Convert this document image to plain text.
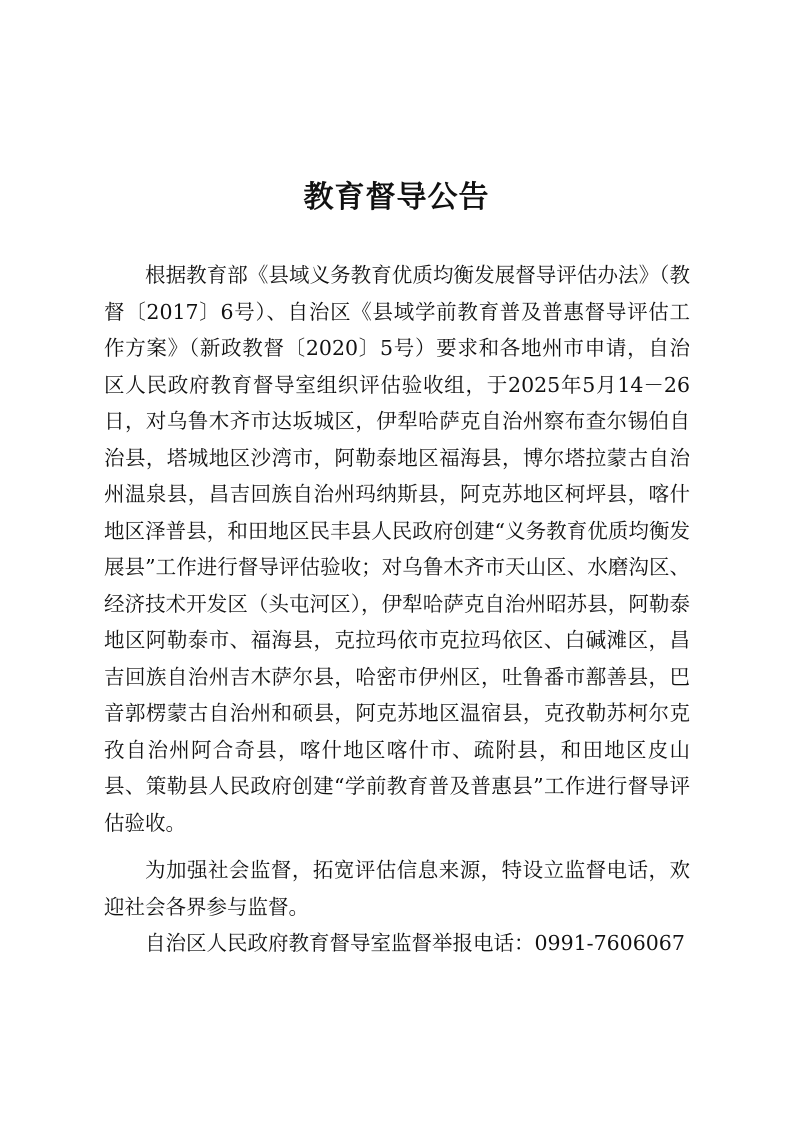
教育督导公告

根据教育部《县域义务教育优质均衡发展督导评估办法》（教督〔2017〕6号）、自治区《县域学前教育普及普惠督导评估工作方案》（新政教督〔2020〕5号）要求和各地州市申请，自治区人民政府教育督导室组织评估验收组，于2025年5月14－26日，对乌鲁木齐市达坂城区，伊犁哈萨克自治州察布查尔锡伯自治县，塔城地区沙湾市，阿勒泰地区福海县，博尔塔拉蒙古自治州温泉县，昌吉回族自治州玛纳斯县，阿克苏地区柯坪县，喀什地区泽普县，和田地区民丰县人民政府创建“义务教育优质均衡发展县”工作进行督导评估验收；对乌鲁木齐市天山区、水磨沟区、经济技术开发区（头屯河区），伊犁哈萨克自治州昭苏县，阿勒泰地区阿勒泰市、福海县，克拉玛依市克拉玛依区、白碱滩区，昌吉回族自治州吉木萨尔县，哈密市伊州区，吐鲁番市鄯善县，巴音郭楞蒙古自治州和硕县，阿克苏地区温宿县，克孜勒苏柯尔克孜自治州阿合奇县，喀什地区喀什市、疏附县，和田地区皮山县、策勒县人民政府创建“学前教育普及普惠县”工作进行督导评估验收。

为加强社会监督，拓宽评估信息来源，特设立监督电话，欢迎社会各界参与监督。

自治区人民政府教育督导室监督举报电话：0991-7606067
